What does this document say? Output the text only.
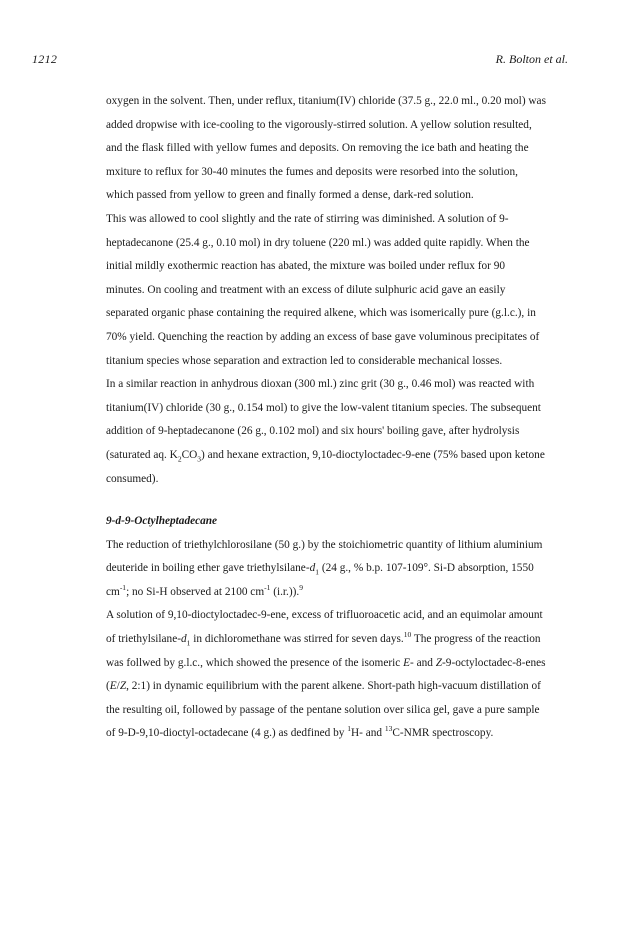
1212	R. Bolton et al.

oxygen in the solvent. Then, under reflux, titanium(IV) chloride (37.5 g., 22.0 ml., 0.20 mol) was added dropwise with ice-cooling to the vigorously-stirred solution. A yellow solution resulted, and the flask filled with yellow fumes and deposits. On removing the ice bath and heating the mxiture to reflux for 30-40 minutes the fumes and deposits were resorbed into the solution, which passed from yellow to green and finally formed a dense, dark-red solution.

This was allowed to cool slightly and the rate of stirring was diminished. A solution of 9-heptadecanone (25.4 g., 0.10 mol) in dry toluene (220 ml.) was added quite rapidly. When the initial mildly exothermic reaction has abated, the mixture was boiled under reflux for 90 minutes. On cooling and treatment with an excess of dilute sulphuric acid gave an easily separated organic phase containing the required alkene, which was isomerically pure (g.l.c.), in 70% yield. Quenching the reaction by adding an excess of base gave voluminous precipitates of titanium species whose separation and extraction led to considerable mechanical losses.

In a similar reaction in anhydrous dioxan (300 ml.) zinc grit (30 g., 0.46 mol) was reacted with titanium(IV) chloride (30 g., 0.154 mol) to give the low-valent titanium species. The subsequent addition of 9-heptadecanone (26 g., 0.102 mol) and six hours' boiling gave, after hydrolysis (saturated aq. $K_2CO_3$) and hexane extraction, 9,10-dioctyloctadec-9-ene (75% based upon ketone consumed).

9-d-9-Octylheptadecane

The reduction of triethylchlorosilane (50 g.) by the stoichiometric quantity of lithium aluminium deuteride in boiling ether gave triethylsilane-$d_1$ (24 g., % b.p. 107-109°. Si-D absorption, 1550 $cm^{-1}$; no Si-H observed at 2100 $cm^{-1}$ (i.r.)).$^9$

A solution of 9,10-dioctyloctadec-9-ene, excess of trifluoroacetic acid, and an equimolar amount of triethylsilane-$d_1$ in dichloromethane was stirred for seven days.$^{10}$ The progress of the reaction was follwed by g.l.c., which showed the presence of the isomeric E- and Z-9-octyloctadec-8-enes (E/Z, 2:1) in dynamic equilibrium with the parent alkene. Short-path high-vacuum distillation of the resulting oil, followed by passage of the pentane solution over silica gel, gave a pure sample of 9-D-9,10-dioctyl-octadecane (4 g.) as dedfined by $^1$H- and $^{13}$C-NMR spectroscopy.
